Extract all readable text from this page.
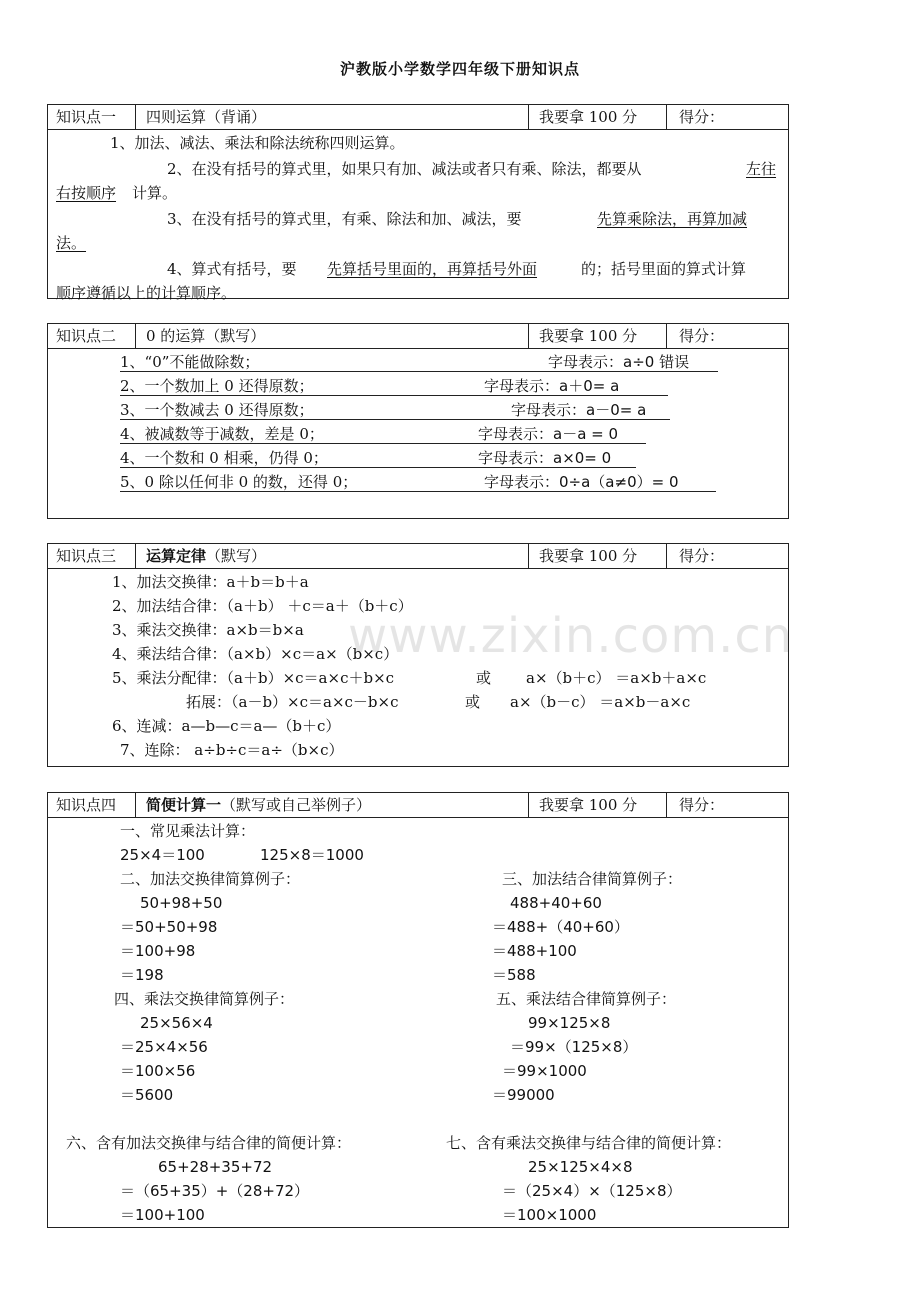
沪教版小学数学四年级下册知识点
知识点一	四则运算（背诵）	我要拿 100 分	得分：
1、加法、减法、乘法和除法统称四则运算。
2、在没有括号的算式里，如果只有加、减法或者只有乘、除法，都要从	左往
右按顺序 计算。
3、在没有括号的算式里，有乘、除法和加、减法，要	先算乘除法，再算加减
法。
4、算式有括号，要 先算括号里面的，再算括号外面	的；括号里面的算式计算
顺序遵循以上的计算顺序。
知识点二	0 的运算（默写）	我要拿 100 分	得分：
1、“0”不能做除数；	字母表示：a÷0 错误
2、一个数加上 0 还得原数；	字母表示：a＋0= a
3、一个数减去 0 还得原数；	字母表示：a－0= a
4、被减数等于减数，差是 0；	字母表示：a－a = 0
4、一个数和 0 相乘，仍得 0；	字母表示：a×0= 0
5、0 除以任何非 0 的数，还得 0；	字母表示：0÷a（a≠0）= 0
知识点三	运算定律（默写）	我要拿 100 分	得分：
1、加法交换律：a＋b＝b＋a
2、加法结合律：（a＋b） ＋c＝a＋（b＋c）
3、乘法交换律：a×b＝b×a
4、乘法结合律：（a×b）×c＝a×（b×c）
5、乘法分配律：（a＋b）×c＝a×c＋b×c	或 a×（b＋c） ＝a×b＋a×c
拓展：（a－b）×c＝a×c－b×c	或 a×（b－c） ＝a×b－a×c
6、连减：a—b—c＝a—（b＋c）
7、连除： a÷b÷c＝a÷（b×c）
www.zixin.com.cn
知识点四	简便计算一（默写或自己举例子）	我要拿 100 分	得分：
一、常见乘法计算：
25×4＝100	125×8＝1000
二、加法交换律简算例子：
50+98+50
＝50+50+98
＝100+98
＝198
三、加法结合律简算例子：
488+40+60
＝488+（40+60）
＝488+100
＝588
四、乘法交换律简算例子：
25×56×4
＝25×4×56
＝100×56
＝5600
五、乘法结合律简算例子：
99×125×8
＝99×（125×8）
＝99×1000
＝99000
六、含有加法交换律与结合律的简便计算：
65+28+35+72
＝（65+35）+（28+72）
＝100+100
七、含有乘法交换律与结合律的简便计算：
25×125×4×8
＝（25×4）×（125×8）
＝100×1000
